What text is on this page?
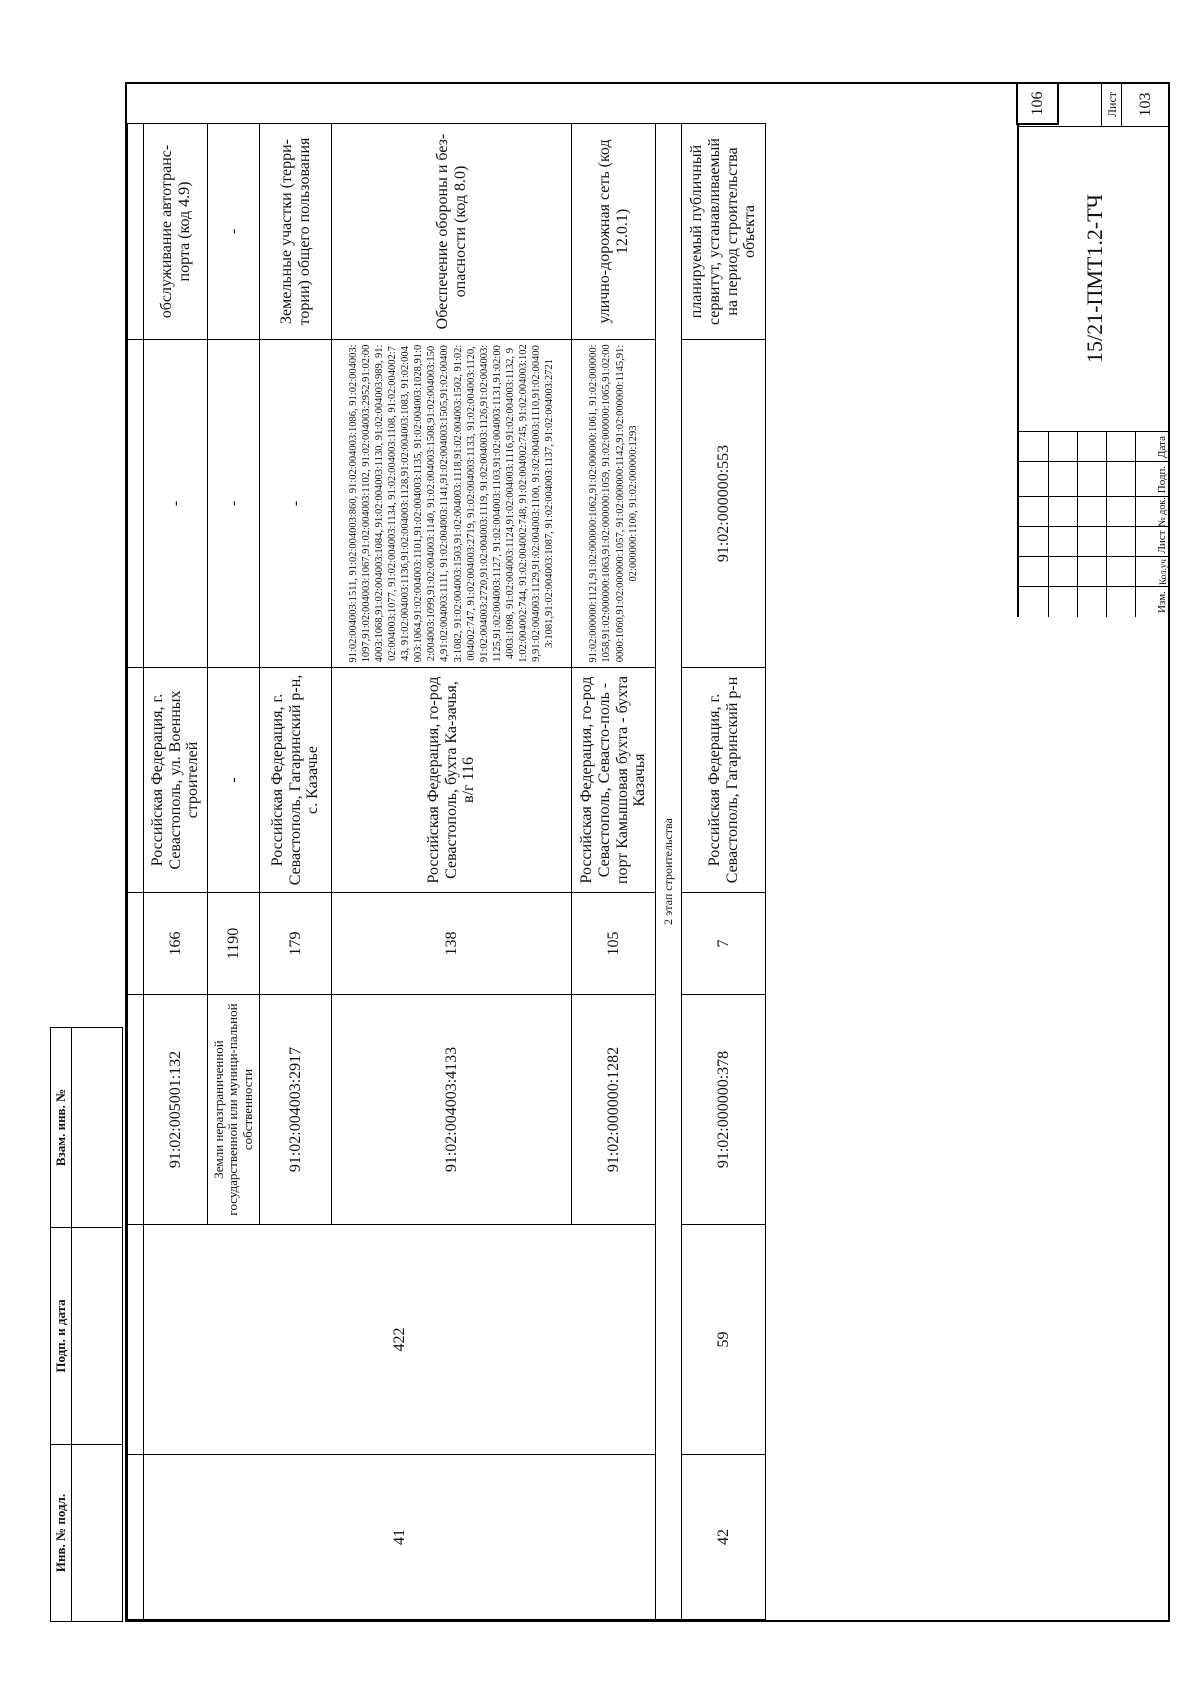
Инв. № подл.
Подп. и дата
Взам. инв. №

41	422	91:02:005001:132	166	Российская Федерация, г. Севастополь, ул. Военных строителей	-	обслуживание автотранс-порта (код 4.9)
		Земли неразграниченной государственной или муници-пальной собственности	1190	-	-	-
		91:02:004003:2917	179	Российская Федерация, г. Севастополь, Гагаринский р-н, с. Казачье	-	Земельные участки (терри-тории) общего пользования
		91:02:004003:4133	138	Российская Федерация, го-род Севастополь, бухта Ка-зачья, в/г 116	91:02:004003:1511, 91:02:004003:860, 91:02:004003:1086, 91:02:004003:1097,91:02:004003:1067,91:02:004003:1102, 91:02:004003:2952,91:02:004003:1068,91:02:004003:1084, 91:02:004003:1130, 91:02:004003:989, 91:02:004003:1077, 91:02:004003:1134, 91:02:004003:1108, 91:02:004002:743, 91:02:004003:1136,91:02:004003:1128,91:02:004003:1083, 91:02:004003:1064,91:02:004003:1101,91:02:004003:1135, 91:02:004003:1028,91:02:004003:1099,91:02:004003:1140, 91:02:004003:1508,91:02:004003:1504,91:02:004003:1111, 91:02:004003:1141,91:02:004003:1505,91:02:004003:1082, 91:02:004003:1503,91:02:004003:1118,91:02:004003:1502, 91:02:004002:747, 91:02:004003:2719, 91:02:004003:1133, 91:02:004003:1120,91:02:004003:2720,91:02:004003:1119, 91:02:004003:1126,91:02:004003:1125,91:02:004003:1127, 91:02:004003:1103,91:02:004003:1131,91:02:004003:1098, 91:02:004003:1124,91:02:004003:1116,91:02:004003:1132, 91:02:004002:744, 91:02:004002:748, 91:02:004002:745, 91:02:004003:1029,91:02:004003:1129,91:02:004003:1100, 91:02:004003:1110,91:02:004003:1081,91:02:004003:1087, 91:02:004003:1137, 91:02:004003:2721	Обеспечение обороны и без-опасности (код 8.0)
		91:02:000000:1282	105	Российская Федерация, го-род Севастополь, Севасто-поль - порт Камышовая бухта - бухта Казачья	91:02:000000:1121,91:02:000000:1062,91:02:000000:1061, 91:02:000000:1058,91:02:000000:1063,91:02:000000:1059, 91:02:000000:1065,91:02:000000:1060,91:02:000000:1057, 91:02:000000:1142,91:02:000000:1145,91:02:000000:1100, 91:02:000000:1293	улично-дорожная сеть (код 12.0.1)
2 этап строительства						
42	59	91:02:000000:378	7	Российская Федерация, г. Севастополь, Гагаринский р-н	91:02:000000:553	планируемый публичный сервитут, устанавливаемый на период строительства объекта
Изм.
Кол.уч
Лист
№ док.
Подп.
Дата
15/21-ПМТ1.2-ТЧ
Лист	103
106
